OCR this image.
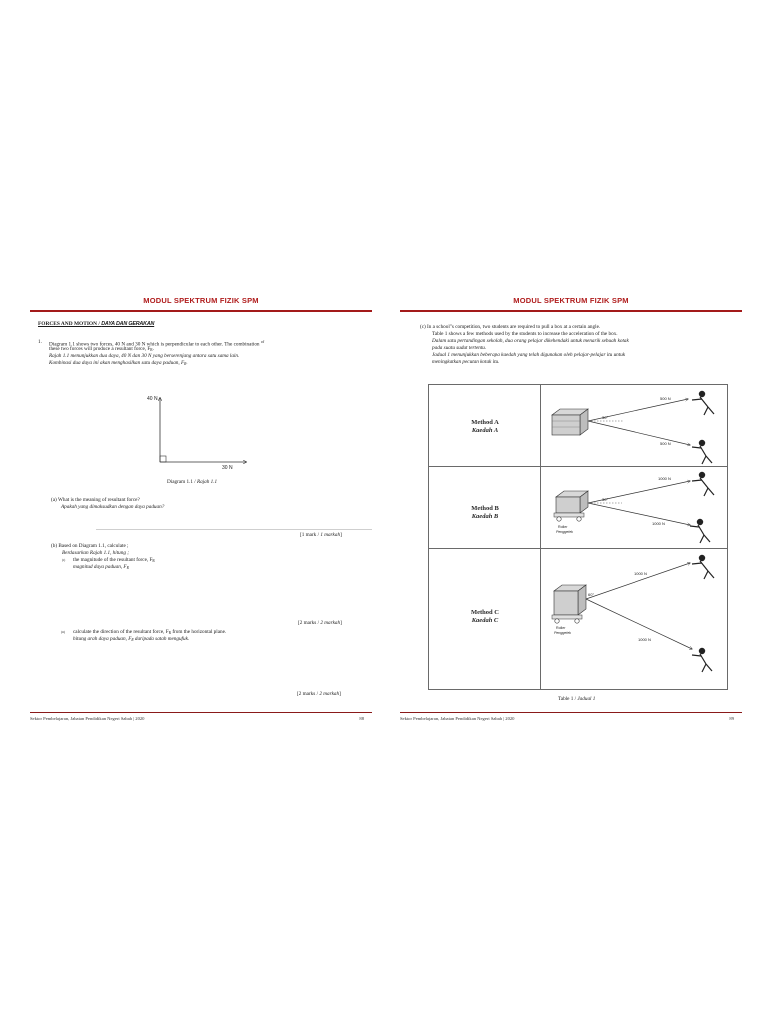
MODUL SPEKTRUM FIZIK SPM
FORCES AND MOTION / DAYA DAN GERAKAN
1. Diagram 1.1 shows two forces, 40 N and 30 N which is perpendicular to each other. The combination $^{of}$
these two forces will produce a resultant force, $F_R$.
Rajah 1.1 menunjukkan dua daya, 40 N dan 30 N yang berserenjang antara satu sama lain.
Kombinasi dua daya ini akan menghasilkan satu daya paduan, $F_R$.
40 N
30 N
Diagram 1.1 / Rajah 1.1
(a) What is the meaning of resultant force?
Apakah yang dimaksudkan dengan daya paduan?
[1 mark / 1 markah]
(b) Based on Diagram 1.1, calculate ;
Berdasarkan Rajah 1.1, hitung ;
(i) the magnitude of the resultant force, $F_R$
magnitud daya paduan, $F_R$
[2 marks / 2 markah]
(ii) calculate the direction of the resultant force, $F_R$ from the horizontal plane.
hitung arah daya paduan, $F_R$ daripada satah mengufuk.
[2 marks / 2 markah]
Sektor Pembelajaran, Jabatan Pendidikan Negeri Sabah | 2020	88
MODUL SPEKTRUM FIZIK SPM
(c) In a school"s competition, two students are required to pull a box at a certain angle.
Table 1 shows a few methods used by the students to increase the acceleration of the box.
Dalam satu pertandingan sekolah, dua orang pelajar dikehendaki untuk menarik sebuah kotak
pada suatu sudut tertentu.
Jadual 1 menunjukkan beberapa kaedah yang telah digunakan oleh pelajar-pelajar itu untuk
meningkatkan pecutan kotak itu.
Method A
Kaedah A
30°
500 N
500 N
Method B
Kaedah B
30°
1000 N
1000 N
Roller
Penggelek
Method C
Kaedah C
60°
1000 N
1000 N
Roller
Penggelek
Table 1 / Jadual 1
Sektor Pembelajaran, Jabatan Pendidikan Negeri Sabah | 2020	89
